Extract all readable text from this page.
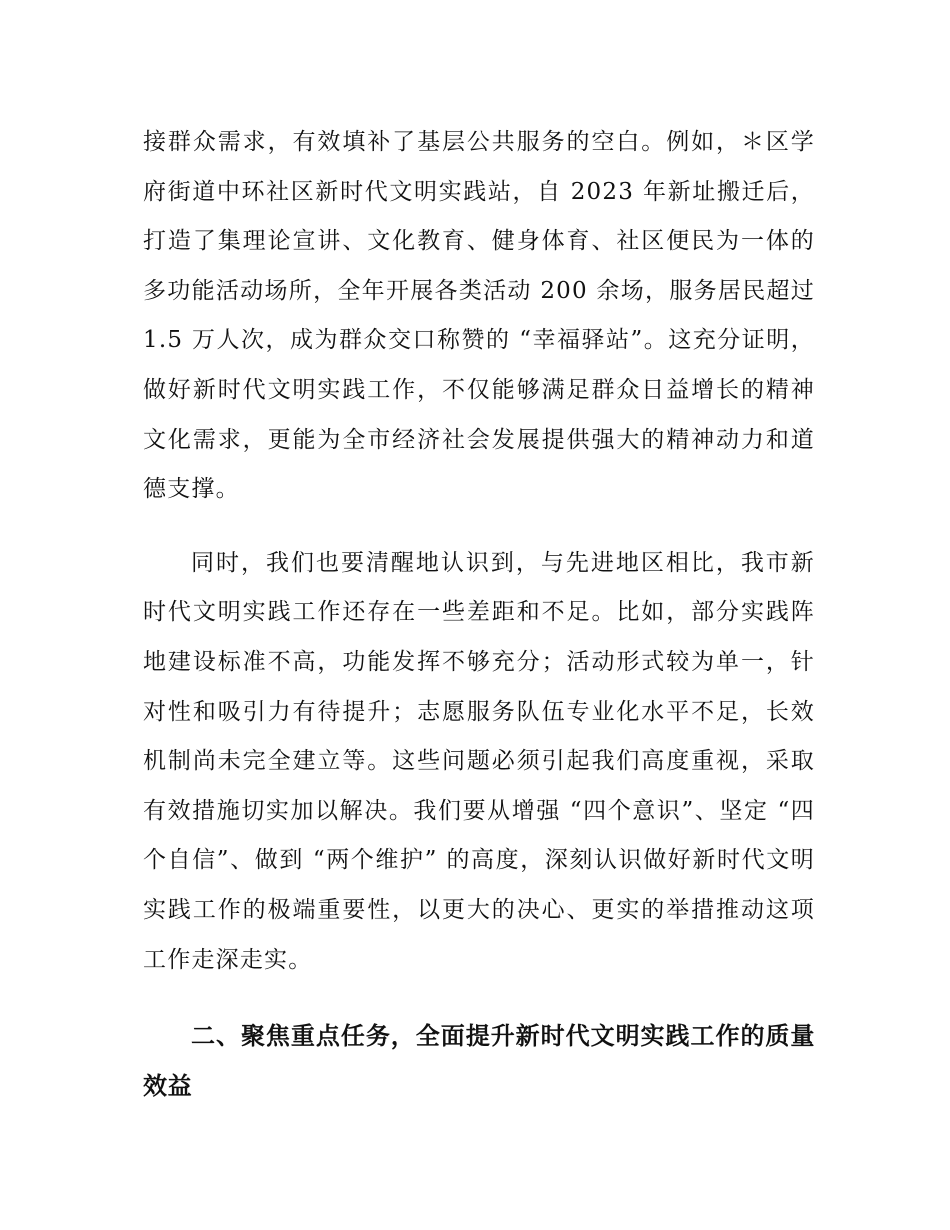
接群众需求，有效填补了基层公共服务的空白。例如，＊区学府街道中环社区新时代文明实践站，自 2023 年新址搬迁后，打造了集理论宣讲、文化教育、健身体育、社区便民为一体的多功能活动场所，全年开展各类活动 200 余场，服务居民超过 1.5 万人次，成为群众交口称赞的 “幸福驿站”。这充分证明，做好新时代文明实践工作，不仅能够满足群众日益增长的精神文化需求，更能为全市经济社会发展提供强大的精神动力和道德支撑。

同时，我们也要清醒地认识到，与先进地区相比，我市新时代文明实践工作还存在一些差距和不足。比如，部分实践阵地建设标准不高，功能发挥不够充分；活动形式较为单一，针对性和吸引力有待提升；志愿服务队伍专业化水平不足，长效机制尚未完全建立等。这些问题必须引起我们高度重视，采取有效措施切实加以解决。我们要从增强 “四个意识”、坚定 “四个自信”、做到 “两个维护” 的高度，深刻认识做好新时代文明实践工作的极端重要性，以更大的决心、更实的举措推动这项工作走深走实。

二、聚焦重点任务，全面提升新时代文明实践工作的质量效益
